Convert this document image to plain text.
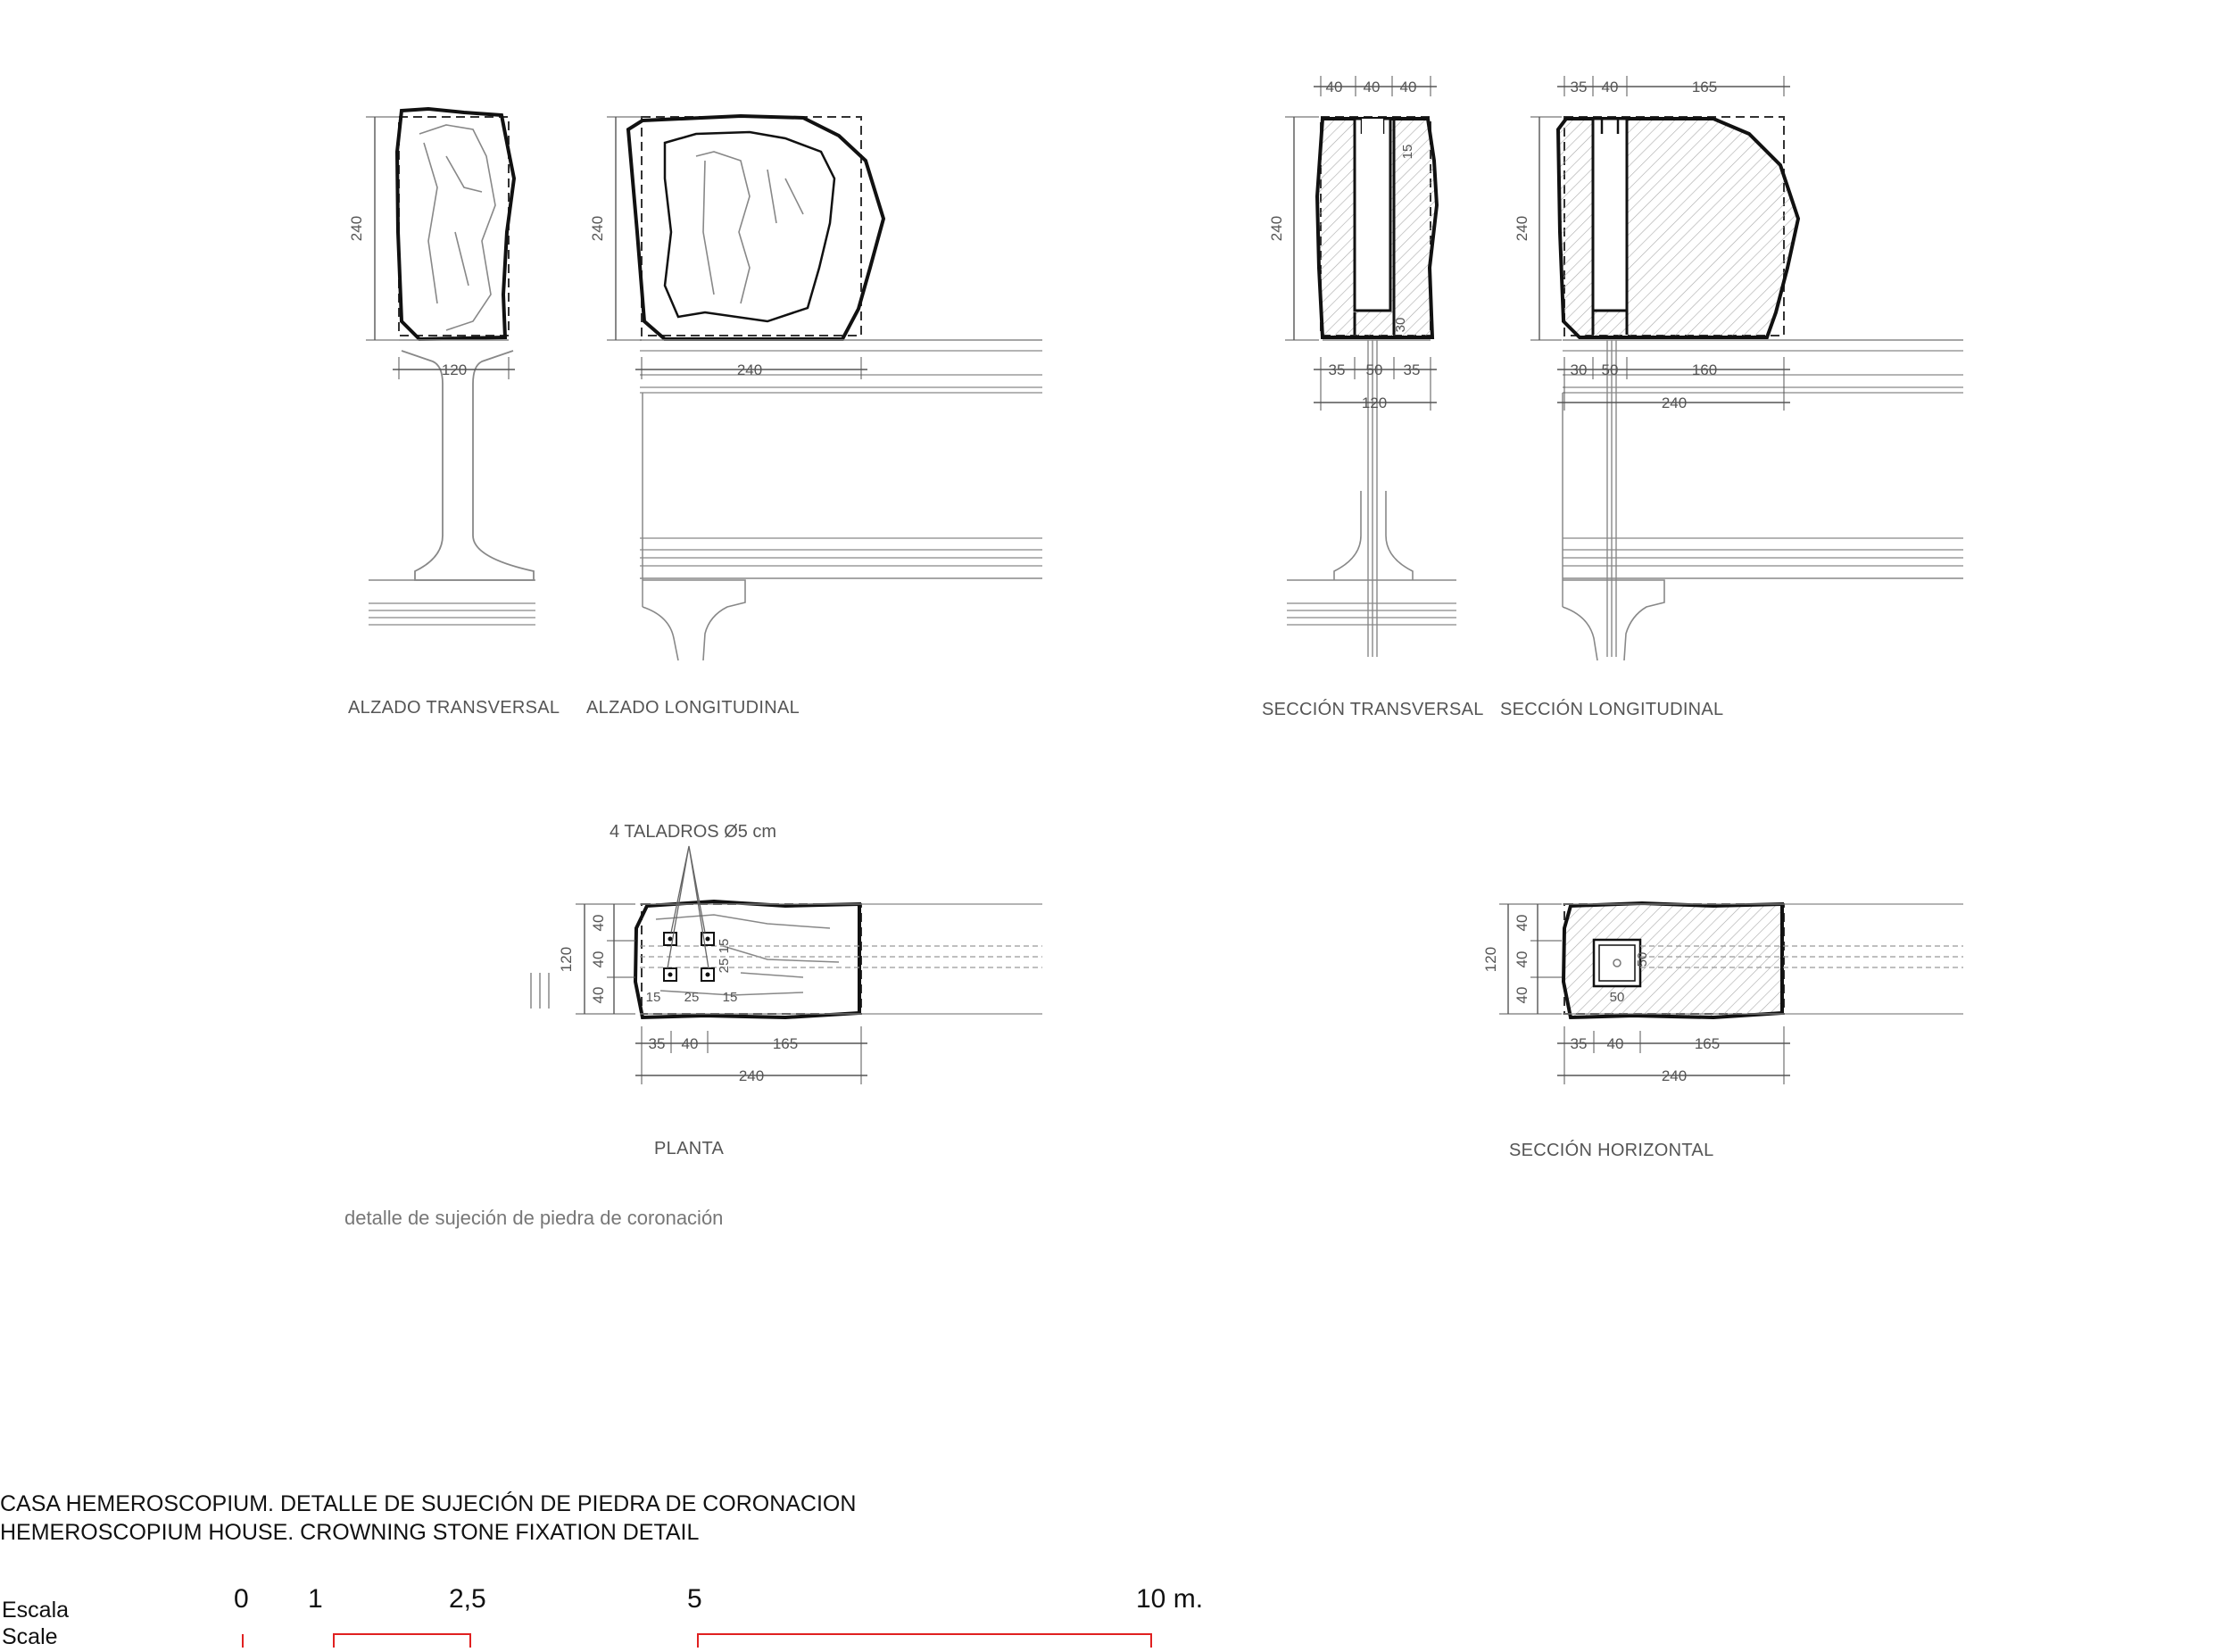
240
120
240
240
40 40 40
15
30
240
35 50 35
120
35 40	165
240
30 50	160
240
4 TALADROS Ø5 cm
15 25 15
25
15
120
40
40
40
35 40	165
240
50
50
120
40
40
40
35 40	165
240
ALZADO TRANSVERSAL ALZADO LONGITUDINAL	SECCIÓN TRANSVERSAL SECCIÓN LONGITUDINAL
PLANTA	SECCIÓN HORIZONTAL
detalle de sujeción de piedra de coronación
CASA HEMEROSCOPIUM. DETALLE DE SUJECIÓN DE PIEDRA DE CORONACION
HEMEROSCOPIUM HOUSE. CROWNING STONE FIXATION DETAIL
Escala
Scale
0 1	2,5	5	10 m.
